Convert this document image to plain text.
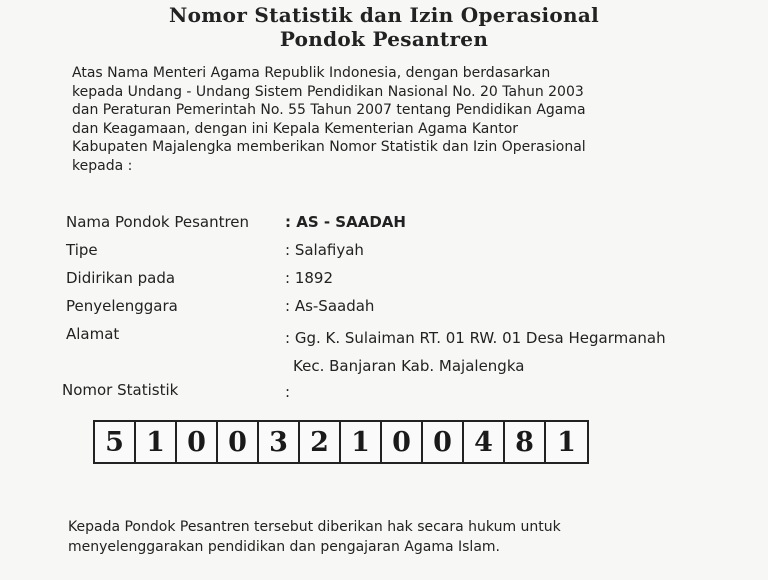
Nomor Statistik dan Izin Operasional
Pondok Pesantren
Atas Nama Menteri Agama Republik Indonesia, dengan berdasarkan
kepada Undang - Undang Sistem Pendidikan Nasional No. 20 Tahun 2003
dan Peraturan Pemerintah No. 55 Tahun 2007 tentang Pendidikan Agama
dan Keagamaan, dengan ini Kepala Kementerian Agama Kantor
Kabupaten Majalengka memberikan Nomor Statistik dan Izin Operasional
kepada :
Nama Pondok Pesantren : AS - SAADAH
Tipe	: Salafiyah
Didirikan pada	: 1892
Penyelenggara	: As-Saadah
Alamat	: Gg. K. Sulaiman RT. 01 RW. 01 Desa Hegarmanah
Kec. Banjaran Kab. Majalengka
Nomor Statistik	:
5 1 0 0 3 2 1 0 0 4 8 1
Kepada Pondok Pesantren tersebut diberikan hak secara hukum untuk
menyelenggarakan pendidikan dan pengajaran Agama Islam.
